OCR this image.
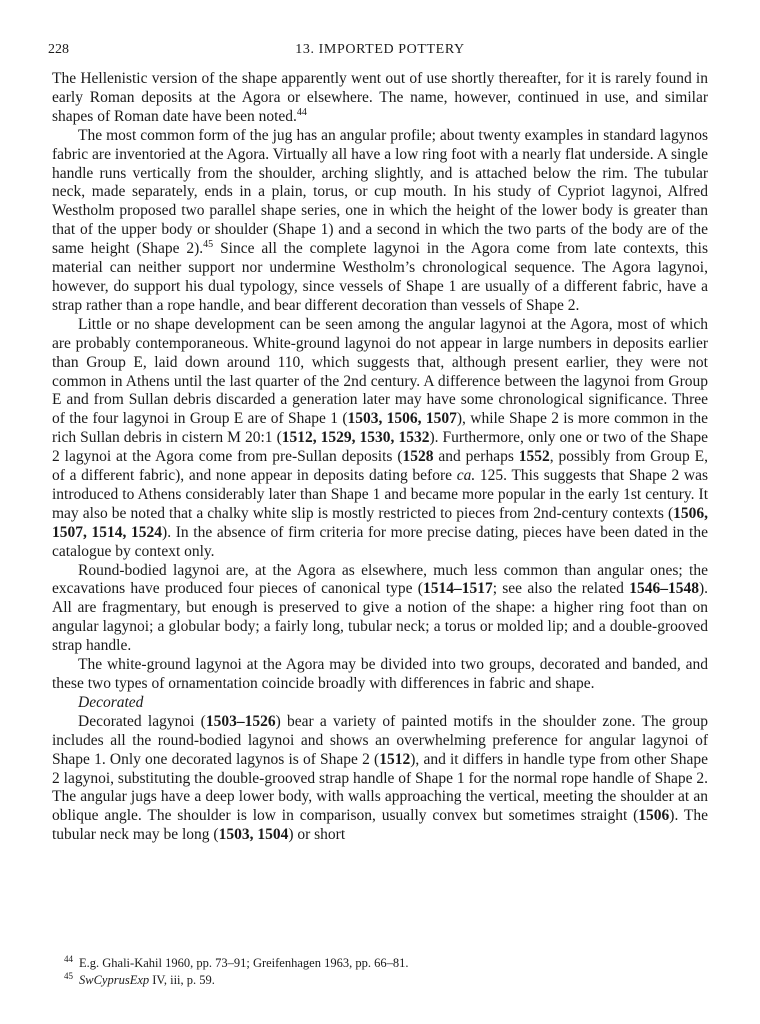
228	13. IMPORTED POTTERY

The Hellenistic version of the shape apparently went out of use shortly thereafter, for it is rarely found in early Roman deposits at the Agora or elsewhere. The name, however, continued in use, and similar shapes of Roman date have been noted.$^{44}$

The most common form of the jug has an angular profile; about twenty examples in standard lagynos fabric are inventoried at the Agora. Virtually all have a low ring foot with a nearly flat underside. A single handle runs vertically from the shoulder, arching slightly, and is attached below the rim. The tubular neck, made separately, ends in a plain, torus, or cup mouth. In his study of Cypriot lagynoi, Alfred Westholm proposed two parallel shape series, one in which the height of the lower body is greater than that of the upper body or shoulder (Shape 1) and a second in which the two parts of the body are of the same height (Shape 2).$^{45}$ Since all the complete lagynoi in the Agora come from late contexts, this material can neither support nor undermine Westholm’s chronological sequence. The Agora lagynoi, however, do support his dual typology, since vessels of Shape 1 are usually of a different fabric, have a strap rather than a rope handle, and bear different decoration than vessels of Shape 2.

Little or no shape development can be seen among the angular lagynoi at the Agora, most of which are probably contemporaneous. White-ground lagynoi do not appear in large numbers in deposits earlier than Group E, laid down around 110, which suggests that, although present earlier, they were not common in Athens until the last quarter of the 2nd century. A difference between the lagynoi from Group E and from Sullan debris discarded a generation later may have some chronological significance. Three of the four lagynoi in Group E are of Shape 1 (1503, 1506, 1507), while Shape 2 is more common in the rich Sullan debris in cistern M 20:1 (1512, 1529, 1530, 1532). Furthermore, only one or two of the Shape 2 lagynoi at the Agora come from pre-Sullan deposits (1528 and perhaps 1552, possibly from Group E, of a different fabric), and none appear in deposits dating before ca. 125. This suggests that Shape 2 was introduced to Athens considerably later than Shape 1 and became more popular in the early 1st century. It may also be noted that a chalky white slip is mostly restricted to pieces from 2nd-century contexts (1506, 1507, 1514, 1524). In the absence of firm criteria for more precise dating, pieces have been dated in the catalogue by context only.

Round-bodied lagynoi are, at the Agora as elsewhere, much less common than angular ones; the excavations have produced four pieces of canonical type (1514–1517; see also the related 1546–1548). All are fragmentary, but enough is preserved to give a notion of the shape: a higher ring foot than on angular lagynoi; a globular body; a fairly long, tubular neck; a torus or molded lip; and a double-grooved strap handle.

The white-ground lagynoi at the Agora may be divided into two groups, decorated and banded, and these two types of ornamentation coincide broadly with differences in fabric and shape.

Decorated

Decorated lagynoi (1503–1526) bear a variety of painted motifs in the shoulder zone. The group includes all the round-bodied lagynoi and shows an overwhelming preference for angular lagynoi of Shape 1. Only one decorated lagynos is of Shape 2 (1512), and it differs in handle type from other Shape 2 lagynoi, substituting the double-grooved strap handle of Shape 1 for the normal rope handle of Shape 2. The angular jugs have a deep lower body, with walls approaching the vertical, meeting the shoulder at an oblique angle. The shoulder is low in comparison, usually convex but sometimes straight (1506). The tubular neck may be long (1503, 1504) or short

$^{44}$ E.g. Ghali-Kahil 1960, pp. 73–91; Greifenhagen 1963, pp. 66–81.

$^{45}$ SwCyprusExp IV, iii, p. 59.
